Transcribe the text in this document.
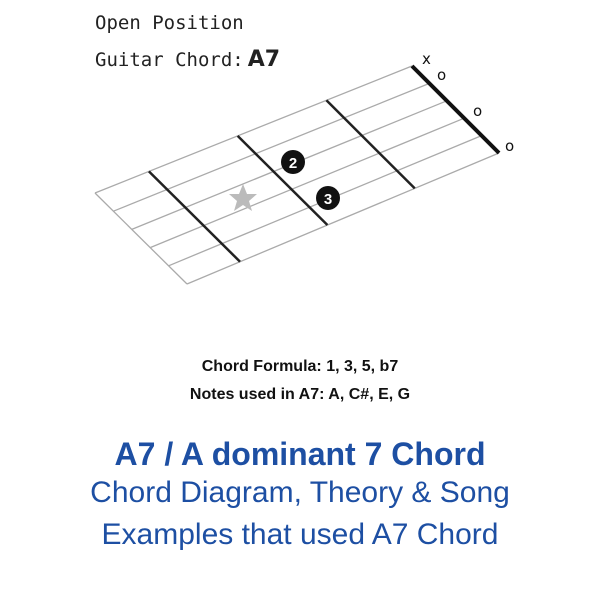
Open Position
Guitar Chord: A7
2
3
x
o
o
o
Chord Formula: 1, 3, 5, b7
Notes used in A7: A, C#, E, G
A7 / A dominant 7 Chord
Chord Diagram, Theory & Song
Examples that used A7 Chord
